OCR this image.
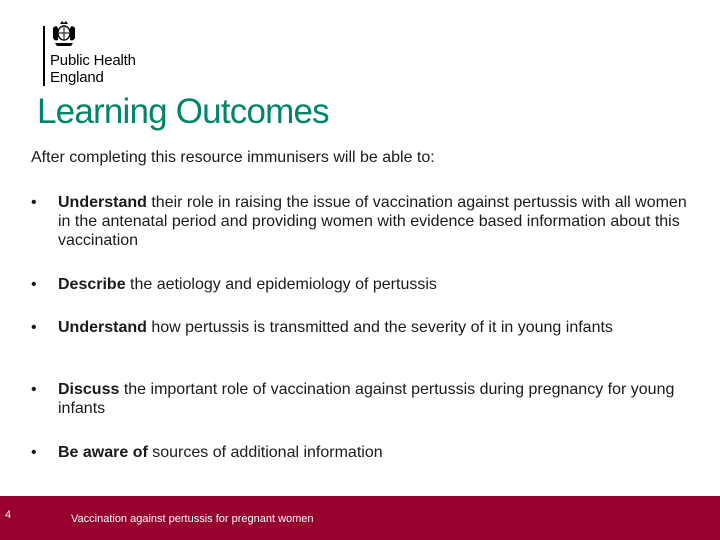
Public Health
England
Learning Outcomes
After completing this resource immunisers will be able to:
•	Understand their role in raising the issue of vaccination against pertussis with all women in the antenatal period and providing women with evidence based information about this vaccination
•	Describe the aetiology and epidemiology of pertussis
•	Understand how pertussis is transmitted and the severity of it in young infants
•	Discuss the important role of vaccination against pertussis during pregnancy for young infants
•	Be aware of sources of additional information
4	Vaccination against pertussis for pregnant women
